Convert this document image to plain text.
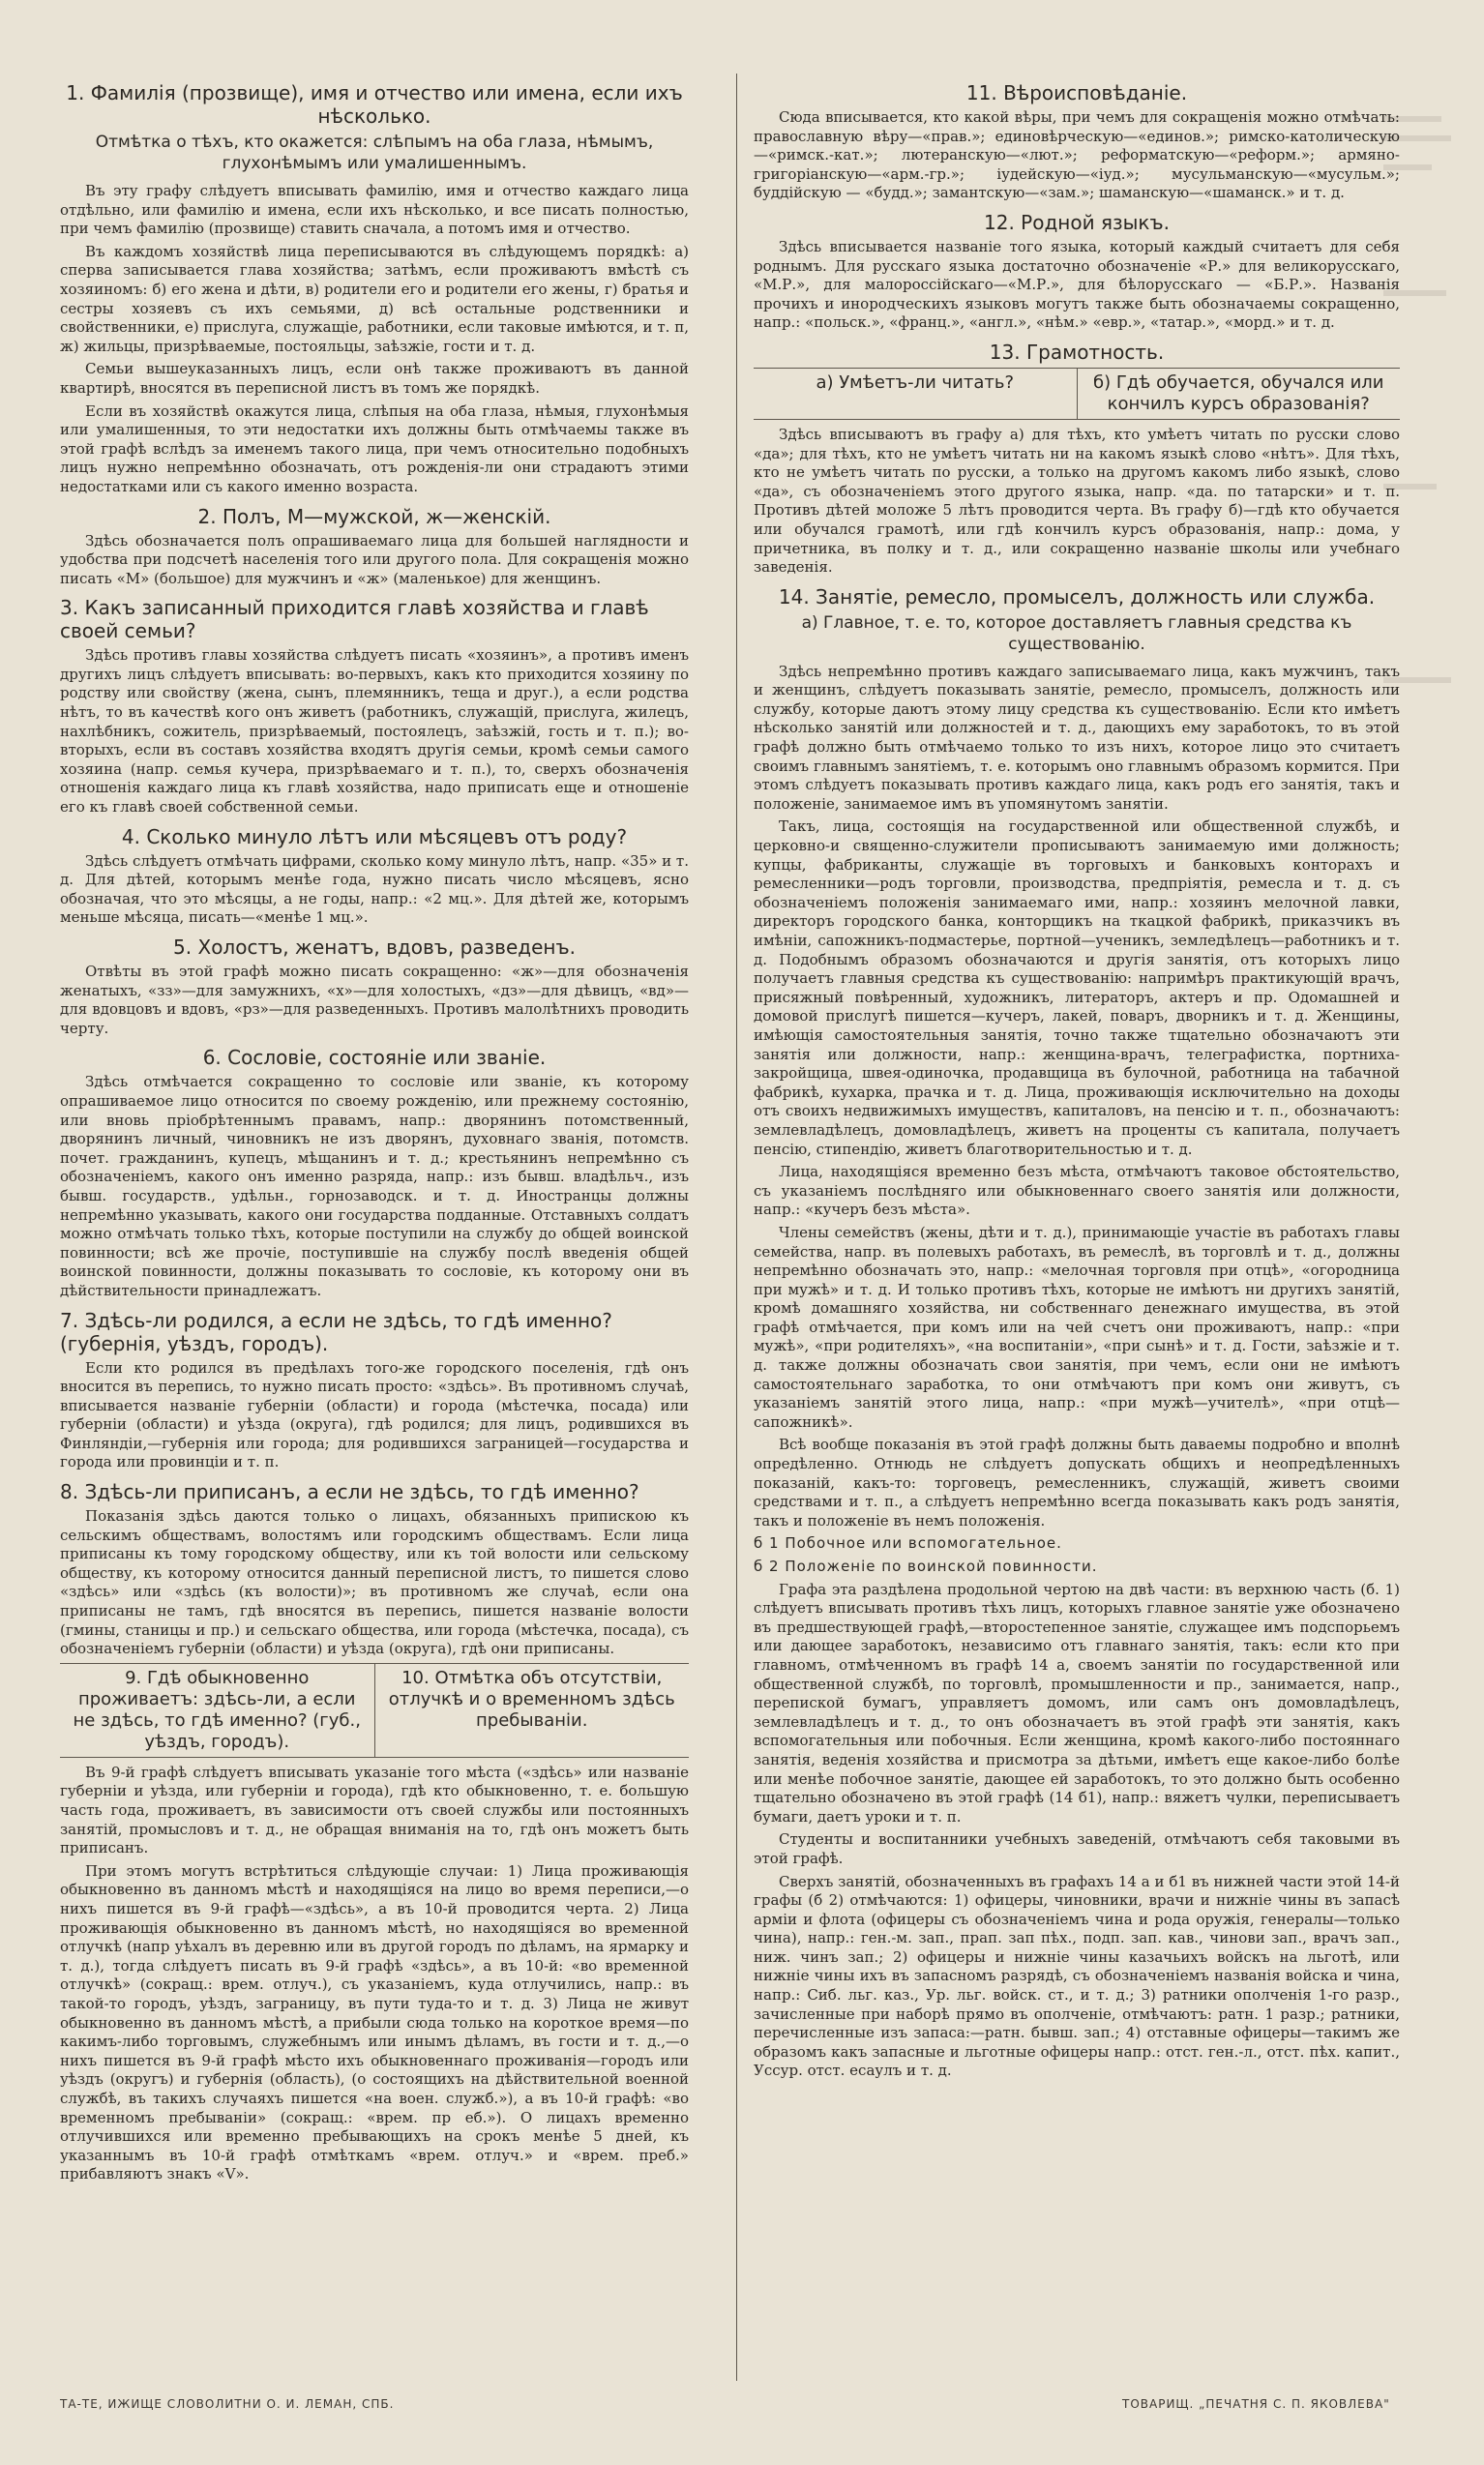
1. Фамилія (прозвище), имя и отчество или имена, если ихъ нѣсколько.
Отмѣтка о тѣхъ, кто окажется: слѣпымъ на оба глаза, нѣмымъ, глухонѣмымъ или умалишеннымъ.

Въ эту графу слѣдуетъ вписывать фамилію, имя и отчество каждаго лица отдѣльно, или фамилію и имена, если ихъ нѣсколько, и все писать полностью, при чемъ фамилію (прозвище) ставить сначала, а потомъ имя и отчество.

Въ каждомъ хозяйствѣ лица переписываются въ слѣдующемъ порядкѣ: а) сперва записывается глава хозяйства; затѣмъ, если проживаютъ вмѣстѣ съ хозяиномъ: б) его жена и дѣти, в) родители его и родители его жены, г) братья и сестры хозяевъ съ ихъ семьями, д) всѣ остальные родственники и свойственники, е) прислуга, служащіе, работники, если таковые имѣются, и т. п, ж) жильцы, призрѣваемые, постояльцы, заѣзжіе, гости и т. д.

Семьи вышеуказанныхъ лицъ, если онѣ также проживаютъ въ данной квартирѣ, вносятся въ переписной листъ въ томъ же порядкѣ.

Если въ хозяйствѣ окажутся лица, слѣпыя на оба глаза, нѣмыя, глухонѣмыя или умалишенныя, то эти недостатки ихъ должны быть отмѣчаемы также въ этой графѣ вслѣдъ за именемъ такого лица, при чемъ относительно подобныхъ лицъ нужно непремѣнно обозначать, отъ рожденія-ли они страдаютъ этими недостатками или съ какого именно возраста.

2. Полъ, М—мужской, ж—женскій.

Здѣсь обозначается полъ опрашиваемаго лица для большей наглядности и удобства при подсчетѣ населенія того или другого пола. Для сокращенія можно писать «М» (большое) для мужчинъ и «ж» (маленькое) для женщинъ.

3. Какъ записанный приходится главѣ хозяйства и главѣ своей семьи?

Здѣсь противъ главы хозяйства слѣдуетъ писать «хозяинъ», а противъ именъ другихъ лицъ слѣдуетъ вписывать: во-первыхъ, какъ кто приходится хозяину по родству или свойству (жена, сынъ, племянникъ, теща и друг.), а если родства нѣтъ, то въ качествѣ кого онъ живетъ (работникъ, служащій, прислуга, жилецъ, нахлѣбникъ, сожитель, призрѣваемый, постоялецъ, заѣзжій, гость и т. п.); во-вторыхъ, если въ составъ хозяйства входятъ другія семьи, кромѣ семьи самого хозяина (напр. семья кучера, призрѣваемаго и т. п.), то, сверхъ обозначенія отношенія каждаго лица къ главѣ хозяйства, надо приписать еще и отношеніе его къ главѣ своей собственной семьи.

4. Сколько минуло лѣтъ или мѣсяцевъ отъ роду?

Здѣсь слѣдуетъ отмѣчать цифрами, сколько кому минуло лѣтъ, напр. «35» и т. д. Для дѣтей, которымъ менѣе года, нужно писать число мѣсяцевъ, ясно обозначая, что это мѣсяцы, а не годы, напр.: «2 мц.». Для дѣтей же, которымъ меньше мѣсяца, писать—«менѣе 1 мц.».

5. Холостъ, женатъ, вдовъ, разведенъ.

Отвѣты въ этой графѣ можно писать сокращенно: «ж»—для обозначенія женатыхъ, «зз»—для замужнихъ, «х»—для холостыхъ, «дз»—для дѣвицъ, «вд»—для вдовцовъ и вдовъ, «рз»—для разведенныхъ. Противъ малолѣтнихъ проводить черту.

6. Сословіе, состояніе или званіе.

Здѣсь отмѣчается сокращенно то сословіе или званіе, къ которому опрашиваемое лицо относится по своему рожденію, или прежнему состоянію, или вновь пріобрѣтеннымъ правамъ, напр.: дворянинъ потомственный, дворянинъ личный, чиновникъ не изъ дворянъ, духовнаго званія, потомств. почет. гражданинъ, купецъ, мѣщанинъ и т. д.; крестьянинъ непремѣнно съ обозначеніемъ, какого онъ именно разряда, напр.: изъ бывш. владѣльч., изъ бывш. государств., удѣльн., горнозаводск. и т. д. Иностранцы должны непремѣнно указывать, какого они государства подданные. Отставныхъ солдатъ можно отмѣчать только тѣхъ, которые поступили на службу до общей воинской повинности; всѣ же прочіе, поступившіе на службу послѣ введенія общей воинской повинности, должны показывать то сословіе, къ которому они въ дѣйствительности принадлежатъ.

7. Здѣсь-ли родился, а если не здѣсь, то гдѣ именно? (губернія, уѣздъ, городъ).

Если кто родился въ предѣлахъ того-же городского поселенія, гдѣ онъ вносится въ перепись, то нужно писать просто: «здѣсь». Въ противномъ случаѣ, вписывается названіе губерніи (области) и города (мѣстечка, посада) или губерніи (области) и уѣзда (округа), гдѣ родился; для лицъ, родившихся въ Финляндіи,—губернія или города; для родившихся заграницей—государства и города или провинціи и т. п.

8. Здѣсь-ли приписанъ, а если не здѣсь, то гдѣ именно?

Показанія здѣсь даются только о лицахъ, обязанныхъ припискою къ сельскимъ обществамъ, волостямъ или городскимъ обществамъ. Если лица приписаны къ тому городскому обществу, или къ той волости или сельскому обществу, къ которому относится данный переписной листъ, то пишется слово «здѣсь» или «здѣсь (къ волости)»; въ противномъ же случаѣ, если она приписаны не тамъ, гдѣ вносятся въ перепись, пишется названіе волости (гмины, станицы и пр.) и сельскаго общества, или города (мѣстечка, посада), съ обозначеніемъ губерніи (области) и уѣзда (округа), гдѣ они приписаны.

9. Гдѣ обыкновенно проживаетъ: здѣсь-ли, а если не здѣсь, то гдѣ именно? (губ., уѣздъ, городъ).
10. Отмѣтка объ отсутствіи, отлучкѣ и о временномъ здѣсь пребываніи.

Въ 9-й графѣ слѣдуетъ вписывать указаніе того мѣста («здѣсь» или названіе губерніи и уѣзда, или губерніи и города), гдѣ кто обыкновенно, т. е. большую часть года, проживаетъ, въ зависимости отъ своей службы или постоянныхъ занятій, промысловъ и т. д., не обращая вниманія на то, гдѣ онъ можетъ быть приписанъ.

При этомъ могутъ встрѣтиться слѣдующіе случаи: 1) Лица проживающія обыкновенно въ данномъ мѣстѣ и находящіяся на лицо во время переписи,—о нихъ пишется въ 9-й графѣ—«здѣсь», а въ 10-й проводится черта. 2) Лица проживающія обыкновенно въ данномъ мѣстѣ, но находящіяся во временной отлучкѣ (напр уѣхалъ въ деревню или въ другой городъ по дѣламъ, на ярмарку и т. д.), тогда слѣдуетъ писать въ 9-й графѣ «здѣсь», а въ 10-й: «во временной отлучкѣ» (сокращ.: врем. отлуч.), съ указаніемъ, куда отлучились, напр.: въ такой-то городъ, уѣздъ, заграницу, въ пути туда-то и т. д. 3) Лица не живут обыкновенно въ данномъ мѣстѣ, а прибыли сюда только на короткое время—по какимъ-либо торговымъ, служебнымъ или инымъ дѣламъ, въ гости и т. д.,—о нихъ пишется въ 9-й графѣ мѣсто ихъ обыкновеннаго проживанія—городъ или уѣздъ (округъ) и губернія (область), (о состоящихъ на дѣйствительной военной службѣ, въ такихъ случаяхъ пишется «на воен. служб.»), а въ 10-й графѣ: «во временномъ пребываніи» (сокращ.: «врем. пр еб.»). О лицахъ временно отлучившихся или временно пребывающихъ на срокъ менѣе 5 дней, къ указаннымъ въ 10-й графѣ отмѣткамъ «врем. отлуч.» и «врем. преб.» прибавляютъ знакъ «V».

11. Вѣроисповѣданіе.

Сюда вписывается, кто какой вѣры, при чемъ для сокращенія можно отмѣчать: православную вѣру—«прав.»; единовѣрческую—«единов.»; римско-католическую—«римск.-кат.»; лютеранскую—«лют.»; реформатскую—«реформ.»; армяно-григоріанскую—«арм.-гр.»; іудейскую—«іуд.»; мусульманскую—«мусульм.»; буддійскую — «будд.»; замантскую—«зам.»; шаманскую—«шаманск.» и т. д.

12. Родной языкъ.

Здѣсь вписывается названіе того языка, который каждый считаетъ для себя роднымъ. Для русскаго языка достаточно обозначеніе «Р.» для великорусскаго, «М.Р.», для малороссійскаго—«М.Р.», для бѣлорусскаго — «Б.Р.». Названія прочихъ и инородческихъ языковъ могутъ также быть обозначаемы сокращенно, напр.: «польск.», «франц.», «англ.», «нѣм.» «евр.», «татар.», «морд.» и т. д.

13. Грамотность.
а) Умѣетъ-ли читать?	б) Гдѣ обучается, обучался или кончилъ курсъ образованія?

Здѣсь вписываютъ въ графу а) для тѣхъ, кто умѣетъ читать по русски слово «да»; для тѣхъ, кто не умѣетъ читать ни на какомъ языкѣ слово «нѣтъ». Для тѣхъ, кто не умѣетъ читать по русски, а только на другомъ какомъ либо языкѣ, слово «да», съ обозначеніемъ этого другого языка, напр. «да. по татарски» и т. п. Противъ дѣтей моложе 5 лѣтъ проводится черта. Въ графу б)—гдѣ кто обучается или обучался грамотѣ, или гдѣ кончилъ курсъ образованія, напр.: дома, у причетника, въ полку и т. д., или сокращенно названіе школы или учебнаго заведенія.

14. Занятіе, ремесло, промыселъ, должность или служба.
а) Главное, т. е. то, которое доставляетъ главныя средства къ существованію.

Здѣсь непремѣнно противъ каждаго записываемаго лица, какъ мужчинъ, такъ и женщинъ, слѣдуетъ показывать занятіе, ремесло, промыселъ, должность или службу, которые даютъ этому лицу средства къ существованію. Если кто имѣетъ нѣсколько занятій или должностей и т. д., дающихъ ему заработокъ, то въ этой графѣ должно быть отмѣчаемо только то изъ нихъ, которое лицо это считаетъ своимъ главнымъ занятіемъ, т. е. которымъ оно главнымъ образомъ кормится. При этомъ слѣдуетъ показывать противъ каждаго лица, какъ родъ его занятія, такъ и положеніе, занимаемое имъ въ упомянутомъ занятіи.

Такъ, лица, состоящія на государственной или общественной службѣ, и церковно-и священно-служители прописываютъ занимаемую ими должность; купцы, фабриканты, служащіе въ торговыхъ и банковыхъ конторахъ и ремесленники—родъ торговли, производства, предпріятія, ремесла и т. д. съ обозначеніемъ положенія занимаемаго ими, напр.: хозяинъ мелочной лавки, директоръ городского банка, конторщикъ на ткацкой фабрикѣ, приказчикъ въ имѣніи, сапожникъ-подмастерье, портной—ученикъ, земледѣлецъ—работникъ и т. д. Подобнымъ образомъ обозначаются и другія занятія, отъ которыхъ лицо получаетъ главныя средства къ существованію: напримѣръ практикующій врачъ, присяжный повѣренный, художникъ, литераторъ, актеръ и пр. Одомашней и домовой прислугѣ пишется—кучеръ, лакей, поваръ, дворникъ и т. д. Женщины, имѣющія самостоятельныя занятія, точно также тщательно обозначаютъ эти занятія или должности, напр.: женщина-врачъ, телеграфистка, портниха-закройщица, швея-одиночка, продавщица въ булочной, работница на табачной фабрикѣ, кухарка, прачка и т. д. Лица, проживающія исключительно на доходы отъ своихъ недвижимыхъ имуществъ, капиталовъ, на пенсію и т. п., обозначаютъ: землевладѣлецъ, домовладѣлецъ, живетъ на проценты съ капитала, получаетъ пенсію, стипендію, живетъ благотворительностью и т. д.

Лица, находящіяся временно безъ мѣста, отмѣчаютъ таковое обстоятельство, съ указаніемъ послѣдняго или обыкновеннаго своего занятія или должности, напр.: «кучеръ безъ мѣста».

Члены семействъ (жены, дѣти и т. д.), принимающіе участіе въ работахъ главы семейства, напр. въ полевыхъ работахъ, въ ремеслѣ, въ торговлѣ и т. д., должны непремѣнно обозначать это, напр.: «мелочная торговля при отцѣ», «огородница при мужѣ» и т. д. И только противъ тѣхъ, которые не имѣютъ ни другихъ занятій, кромѣ домашняго хозяйства, ни собственнаго денежнаго имущества, въ этой графѣ отмѣчается, при комъ или на чей счетъ они проживаютъ, напр.: «при мужѣ», «при родителяхъ», «на воспитаніи», «при сынѣ» и т. д. Гости, заѣзжіе и т. д. также должны обозначать свои занятія, при чемъ, если они не имѣютъ самостоятельнаго заработка, то они отмѣчаютъ при комъ они живутъ, съ указаніемъ занятій этого лица, напр.: «при мужѣ—учителѣ», «при отцѣ—сапожникѣ».

Всѣ вообще показанія въ этой графѣ должны быть даваемы подробно и вполнѣ опредѣленно. Отнюдь не слѣдуетъ допускать общихъ и неопредѣленныхъ показаній, какъ-то: торговецъ, ремесленникъ, служащій, живетъ своими средствами и т. п., а слѣдуетъ непремѣнно всегда показывать какъ родъ занятія, такъ и положеніе въ немъ положенія.

б 1 Побочное или вспомогательное.
б 2 Положеніе по воинской повинности.

Графа эта раздѣлена продольной чертою на двѣ части: въ верхнюю часть (б. 1) слѣдуетъ вписывать противъ тѣхъ лицъ, которыхъ главное занятіе уже обозначено въ предшествующей графѣ,—второстепенное занятіе, служащее имъ подспорьемъ или дающее заработокъ, независимо отъ главнаго занятія, такъ: если кто при главномъ, отмѣченномъ въ графѣ 14 а, своемъ занятіи по государственной или общественной службѣ, по торговлѣ, промышленности и пр., занимается, напр., перепиской бумагъ, управляетъ домомъ, или самъ онъ домовладѣлецъ, землевладѣлецъ и т. д., то онъ обозначаетъ въ этой графѣ эти занятія, какъ вспомогательныя или побочныя. Если женщина, кромѣ какого-либо постояннаго занятія, веденія хозяйства и присмотра за дѣтьми, имѣетъ еще какое-либо болѣе или менѣе побочное занятіе, дающее ей заработокъ, то это должно быть особенно тщательно обозначено въ этой графѣ (14 б1), напр.: вяжетъ чулки, переписываетъ бумаги, даетъ уроки и т. п.

Студенты и воспитанники учебныхъ заведеній, отмѣчаютъ себя таковыми въ этой графѣ.

Сверхъ занятій, обозначенныхъ въ графахъ 14 а и б1 въ нижней части этой 14-й графы (б 2) отмѣчаются: 1) офицеры, чиновники, врачи и нижніе чины въ запасѣ арміи и флота (офицеры съ обозначеніемъ чина и рода оружія, генералы—только чина), напр.: ген.-м. зап., прап. зап пѣх., подп. зап. кав., чинови зап., врачъ зап., ниж. чинъ зап.; 2) офицеры и нижніе чины казачьихъ войскъ на льготѣ, или нижніе чины ихъ въ запасномъ разрядѣ, съ обозначеніемъ названія войска и чина, напр.: Сиб. льг. каз., Ур. льг. войск. ст., и т. д.; 3) ратники ополченія 1-го разр., зачисленные при наборѣ прямо въ ополченіе, отмѣчаютъ: ратн. 1 разр.; ратники, перечисленные изъ запаса:—ратн. бывш. зап.; 4) отставные офицеры—такимъ же образомъ какъ запасные и льготные офицеры напр.: отст. ген.-л., отст. пѣх. капит., Уссур. отст. есаулъ и т. д.

ТА-ТЕ, ИЖИЩЕ СЛОВОЛИТНИ О. И. ЛЕМАН, СПБ.	ТОВАРИЩ. „ПЕЧАТНЯ С. П. ЯКОВЛЕВА"
